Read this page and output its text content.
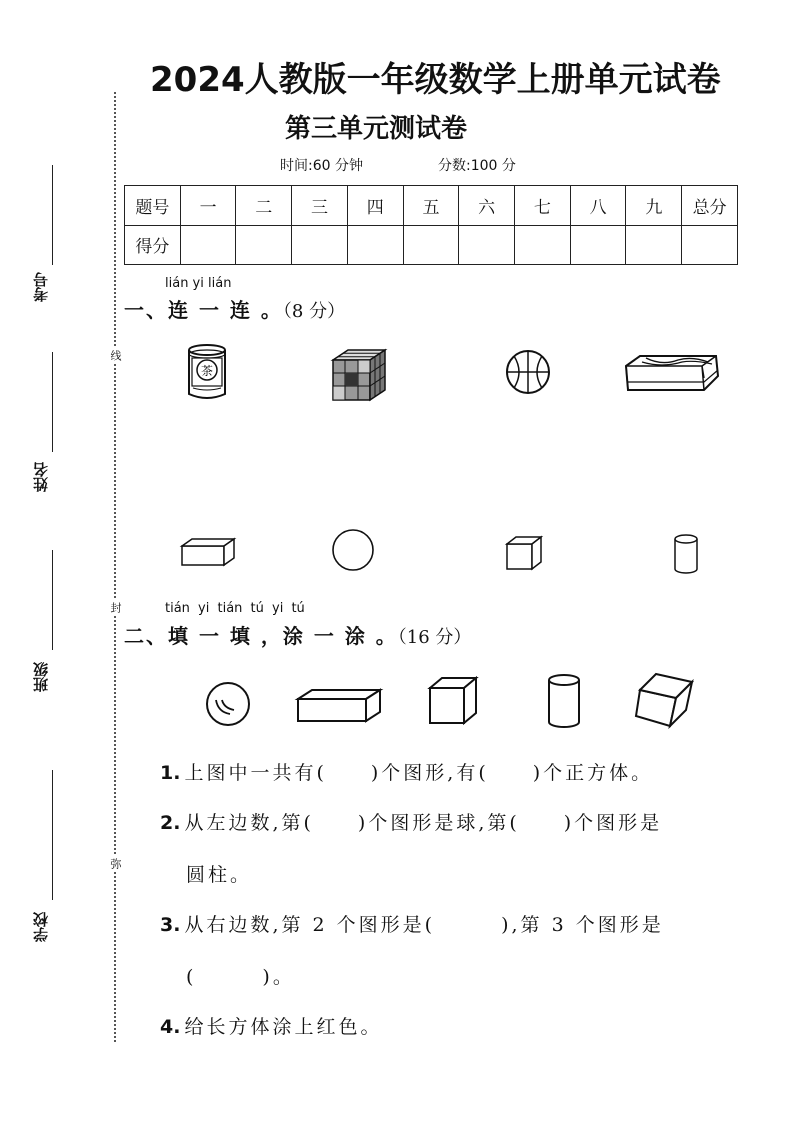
2024人教版一年级数学上册单元试卷
第三单元测试卷
时间:60 分钟	分数:100 分
线
封
弥
考号
姓名
班级
学校
题号	一	二	三	四	五	六	七	八	九	总分
得分										
lián yi lián
一、连 一 连 。（8 分）
茶
tián yi tián tú yi tú
二、填 一 填 ，涂 一 涂 。（16 分）
1. 上图中一共有(　　)个图形,有(　　)个正方体。
2. 从左边数,第(　　)个图形是球,第(　　)个图形是
圆柱。
3. 从右边数,第 2 个图形是(　　　),第 3 个图形是
(　　　)。
4. 给长方体涂上红色。
